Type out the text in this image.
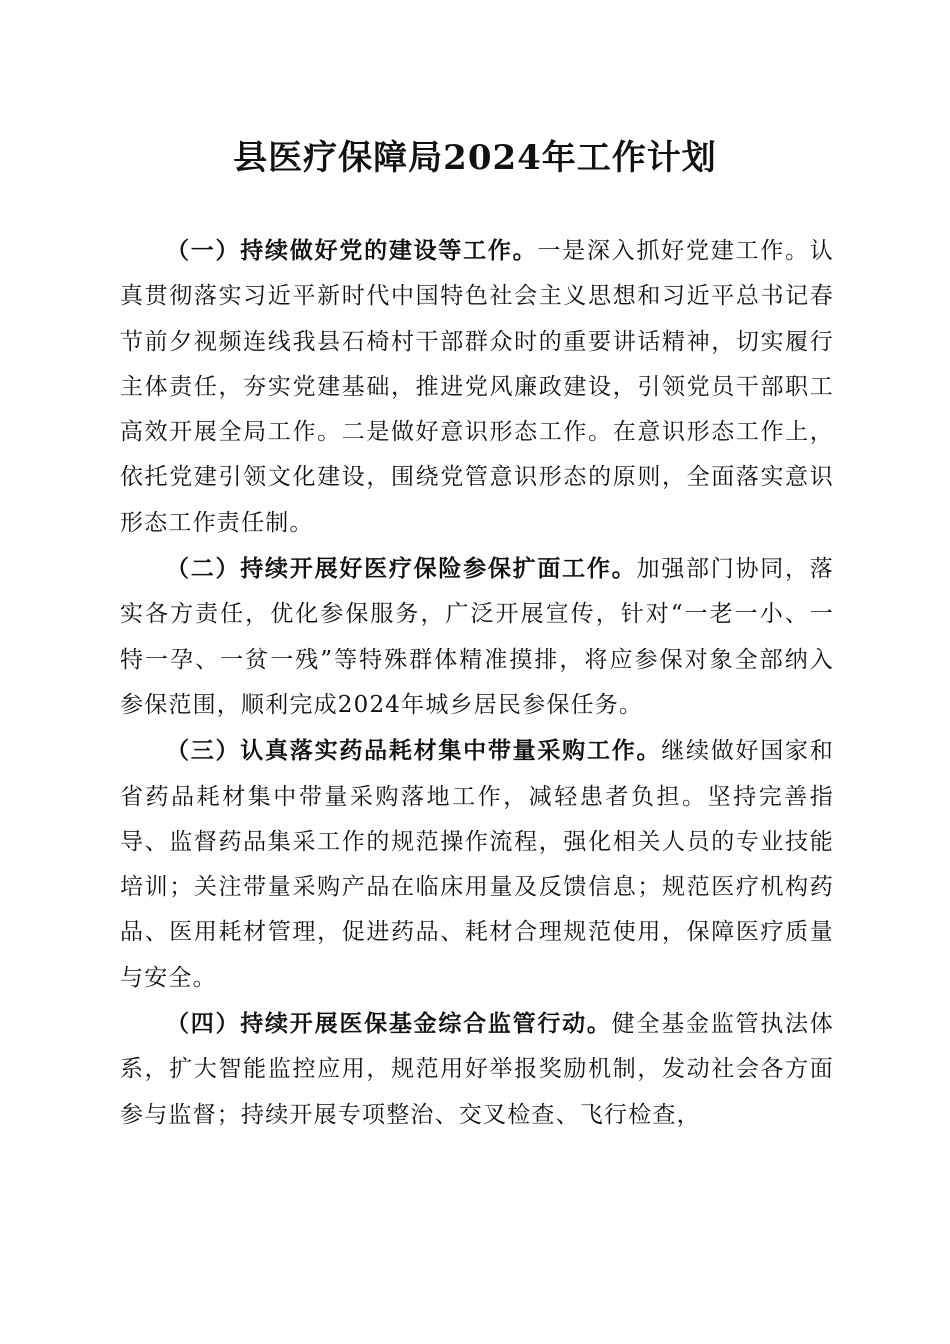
县医疗保障局2024年工作计划

（一）持续做好党的建设等工作。一是深入抓好党建工作。认真贯彻落实习近平新时代中国特色社会主义思想和习近平总书记春节前夕视频连线我县石椅村干部群众时的重要讲话精神，切实履行主体责任，夯实党建基础，推进党风廉政建设，引领党员干部职工高效开展全局工作。二是做好意识形态工作。在意识形态工作上，依托党建引领文化建设，围绕党管意识形态的原则，全面落实意识形态工作责任制。

（二）持续开展好医疗保险参保扩面工作。加强部门协同，落实各方责任，优化参保服务，广泛开展宣传，针对“一老一小、一特一孕、一贫一残”等特殊群体精准摸排，将应参保对象全部纳入参保范围，顺利完成2024年城乡居民参保任务。

（三）认真落实药品耗材集中带量采购工作。继续做好国家和省药品耗材集中带量采购落地工作，减轻患者负担。坚持完善指导、监督药品集采工作的规范操作流程，强化相关人员的专业技能培训；关注带量采购产品在临床用量及反馈信息；规范医疗机构药品、医用耗材管理，促进药品、耗材合理规范使用，保障医疗质量与安全。

（四）持续开展医保基金综合监管行动。健全基金监管执法体系，扩大智能监控应用，规范用好举报奖励机制，发动社会各方面参与监督；持续开展专项整治、交叉检查、飞行检查，
